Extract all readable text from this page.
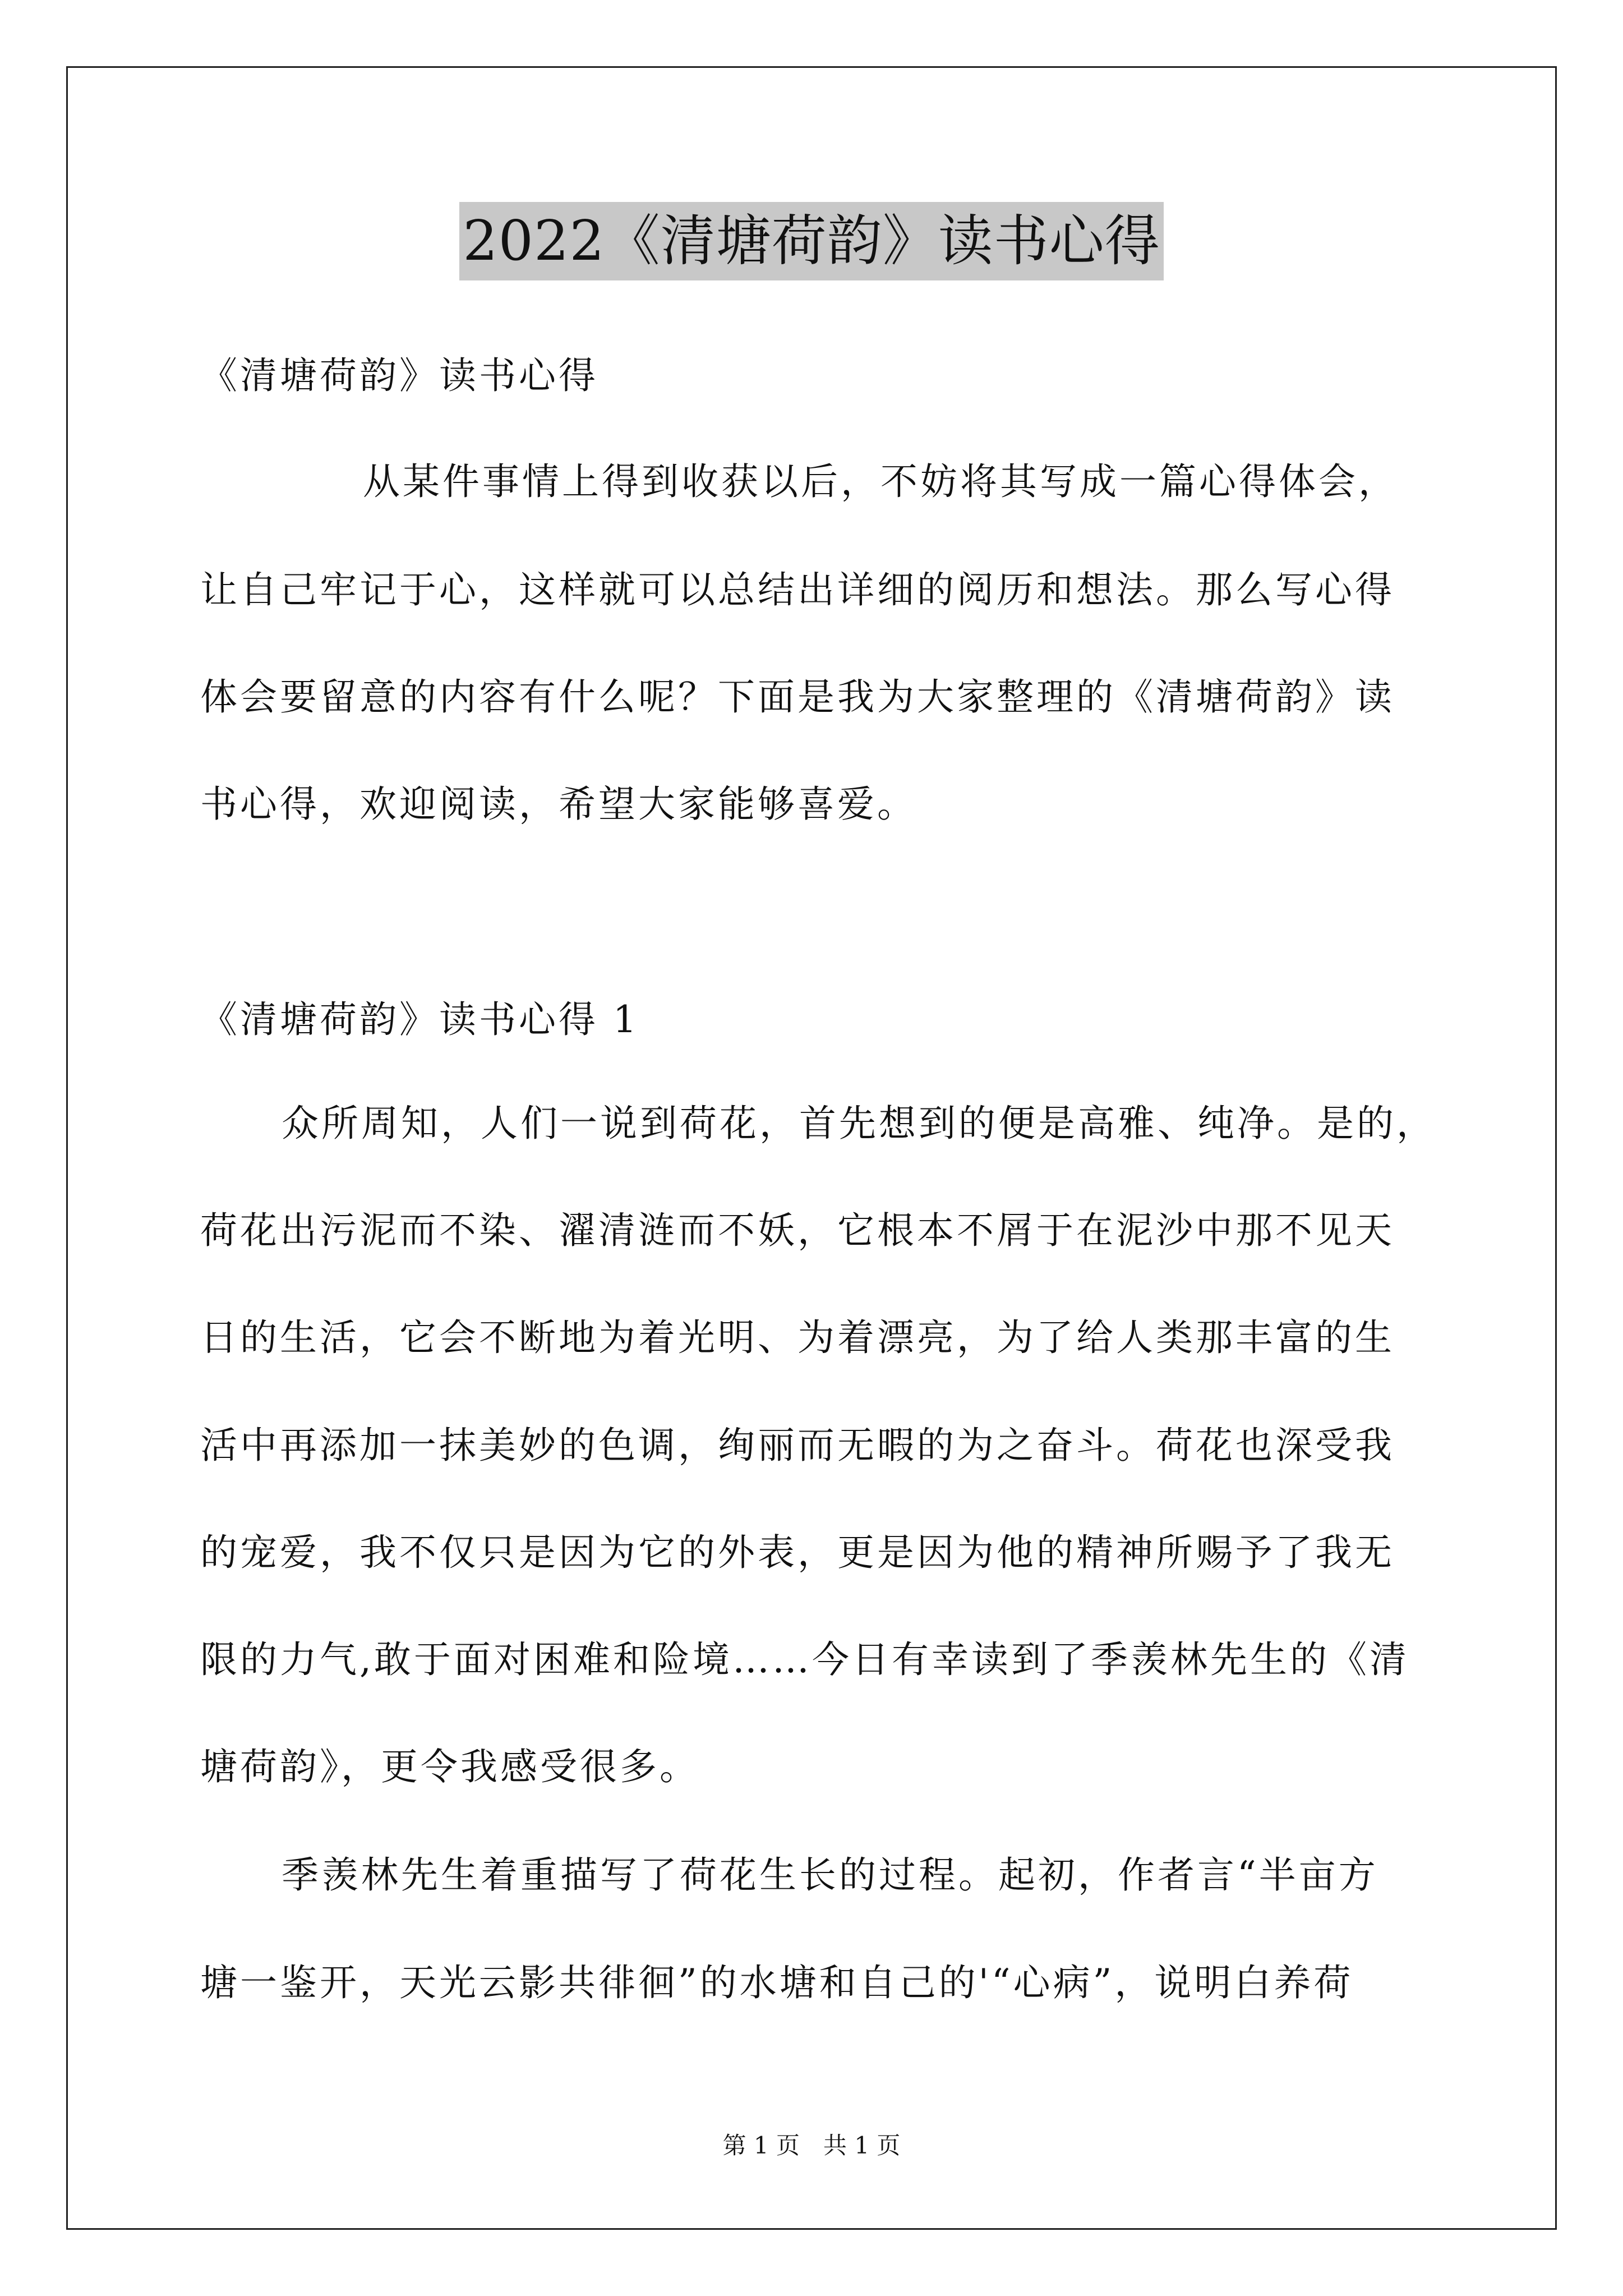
2022《清塘荷韵》读书心得
《清塘荷韵》读书心得
从某件事情上得到收获以后，不妨将其写成一篇心得体会，
让自己牢记于心，这样就可以总结出详细的阅历和想法。那么写心得
体会要留意的内容有什么呢？下面是我为大家整理的《清塘荷韵》读
书心得，欢迎阅读，希望大家能够喜爱。
《清塘荷韵》读书心得 1
众所周知，人们一说到荷花，首先想到的便是高雅、纯净。是的，
荷花出污泥而不染、濯清涟而不妖，它根本不屑于在泥沙中那不见天
日的生活，它会不断地为着光明、为着漂亮，为了给人类那丰富的生
活中再添加一抹美妙的色调，绚丽而无暇的为之奋斗。荷花也深受我
的宠爱，我不仅只是因为它的外表，更是因为他的精神所赐予了我无
限的力气,敢于面对困难和险境……今日有幸读到了季羡林先生的《清
塘荷韵》，更令我感受很多。
季羡林先生着重描写了荷花生长的过程。起初，作者言“半亩方
塘一鉴开，天光云影共徘徊”的水塘和自己的'“心病”，说明白养荷
第 1 页　共 1 页
